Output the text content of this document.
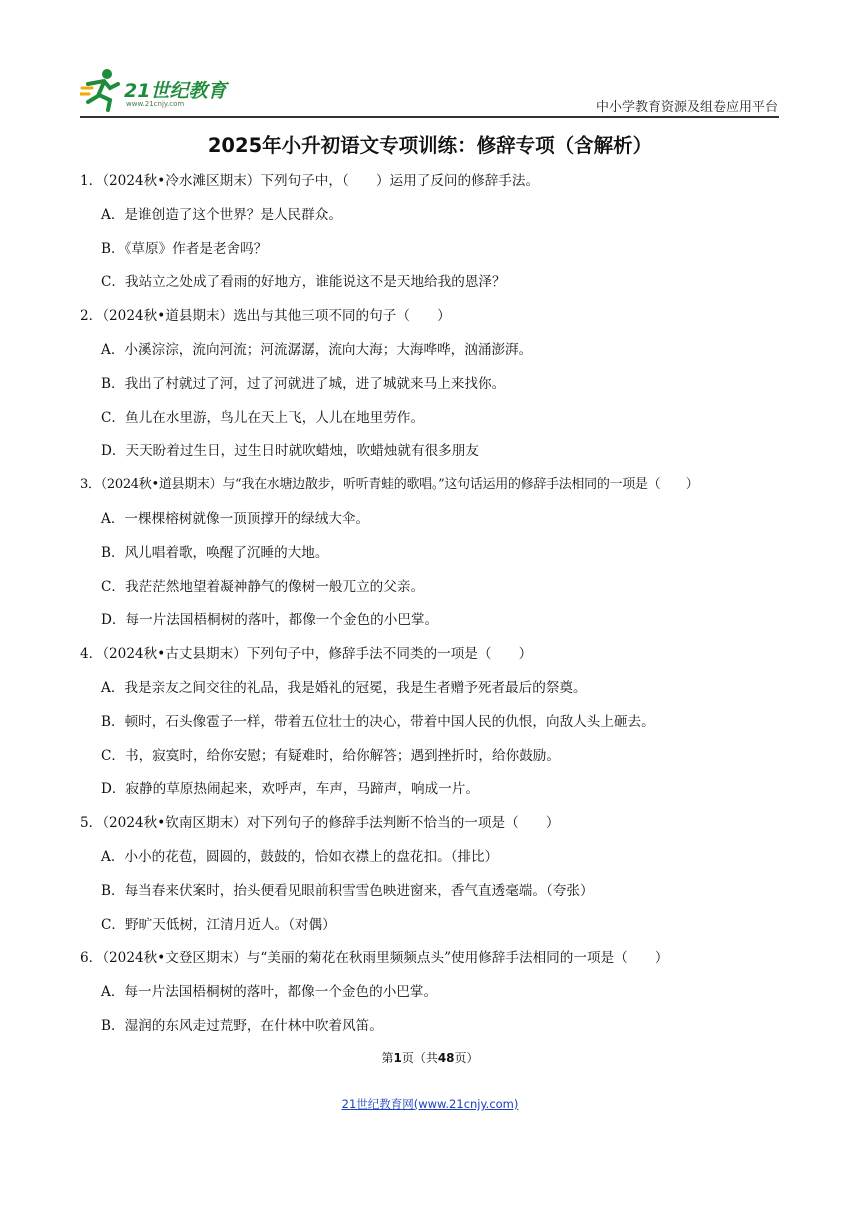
21世纪教育
www.21cnjy.com	中小学教育资源及组卷应用平台
2025年小升初语文专项训练：修辞专项（含解析）
1．（2024秋•冷水滩区期末）下列句子中，（　　）运用了反问的修辞手法。
A．是谁创造了这个世界？是人民群众。
B．《草原》作者是老舍吗？
C．我站立之处成了看雨的好地方，谁能说这不是天地给我的恩泽？
2．（2024秋•道县期末）选出与其他三项不同的句子（　　）
A．小溪淙淙，流向河流；河流潺潺，流向大海；大海哗哗，汹涌澎湃。
B．我出了村就过了河，过了河就进了城，进了城就来马上来找你。
C．鱼儿在水里游，鸟儿在天上飞，人儿在地里劳作。
D．天天盼着过生日，过生日时就吹蜡烛，吹蜡烛就有很多朋友
3．（2024秋•道县期末）与“我在水塘边散步，听听青蛙的歌唱。”这句话运用的修辞手法相同的一项是（　　）
A．一棵棵榕树就像一顶顶撑开的绿绒大伞。
B．风儿唱着歌，唤醒了沉睡的大地。
C．我茫茫然地望着凝神静气的像树一般兀立的父亲。
D．每一片法国梧桐树的落叶，都像一个金色的小巴掌。
4．（2024秋•古丈县期末）下列句子中，修辞手法不同类的一项是（　　）
A．我是亲友之间交往的礼品，我是婚礼的冠冕，我是生者赠予死者最后的祭奠。
B．顿时，石头像雹子一样，带着五位壮士的决心，带着中国人民的仇恨，向敌人头上砸去。
C．书，寂寞时，给你安慰；有疑难时，给你解答；遇到挫折时，给你鼓励。
D．寂静的草原热闹起来，欢呼声，车声，马蹄声，响成一片。
5．（2024秋•钦南区期末）对下列句子的修辞手法判断不恰当的一项是（　　）
A．小小的花苞，圆圆的，鼓鼓的，恰如衣襟上的盘花扣。（排比）
B．每当春来伏案时，抬头便看见眼前积雪雪色映进窗来，香气直透毫端。（夸张）
C．野旷天低树，江清月近人。（对偶）
6．（2024秋•文登区期末）与“美丽的菊花在秋雨里频频点头”使用修辞手法相同的一项是（　　）
A．每一片法国梧桐树的落叶，都像一个金色的小巴掌。
B．湿润的东风走过荒野，在什林中吹着风笛。
第1页（共48页）
21世纪教育网(www.21cnjy.com)
